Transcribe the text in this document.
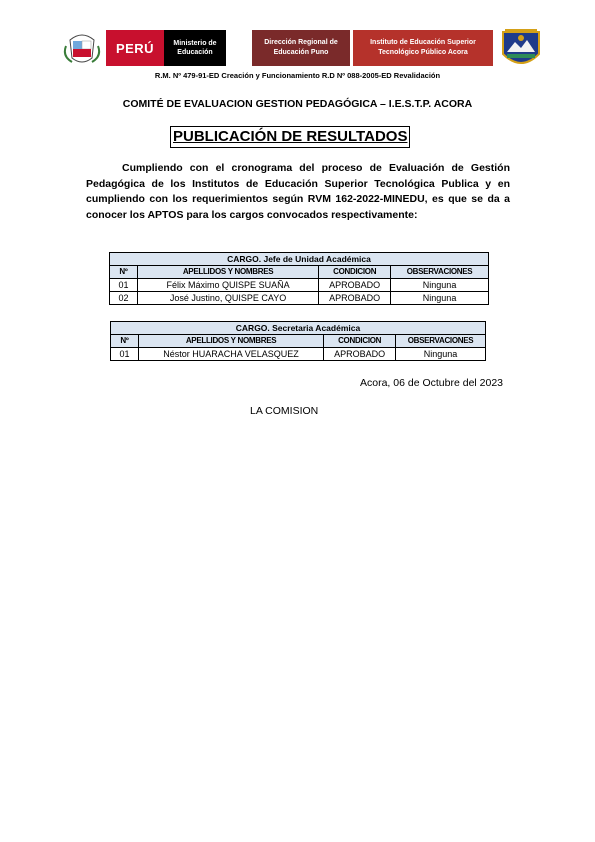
PERÚ	Ministerio de Educación
Dirección Regional de Educación Puno
Instituto de Educación Superior Tecnológico Público Acora
R.M. Nº 479-91-ED Creación y Funcionamiento R.D Nº 088-2005-ED Revalidación
COMITÉ DE EVALUACION GESTION PEDAGÓGICA – I.E.S.T.P. ACORA
PUBLICACIÓN DE RESULTADOS
Cumpliendo con el cronograma del proceso de Evaluación de Gestión Pedagógica de los Institutos de Educación Superior Tecnológica Publica y en cumpliendo con los requerimientos según RVM 162-2022-MINEDU, es que se da a conocer los APTOS para los cargos convocados respectivamente:
CARGO. Jefe de Unidad Académica			
Nº	APELLIDOS Y NOMBRES	CONDICION	OBSERVACIONES
01	Félix Máximo QUISPE SUAÑA	APROBADO	Ninguna
02	José Justino, QUISPE CAYO	APROBADO	Ninguna
CARGO. Secretaria Académica			
Nº	APELLIDOS Y NOMBRES	CONDICION	OBSERVACIONES
01	Néstor HUARACHA VELASQUEZ	APROBADO	Ninguna
Acora, 06 de Octubre del 2023
LA COMISION
